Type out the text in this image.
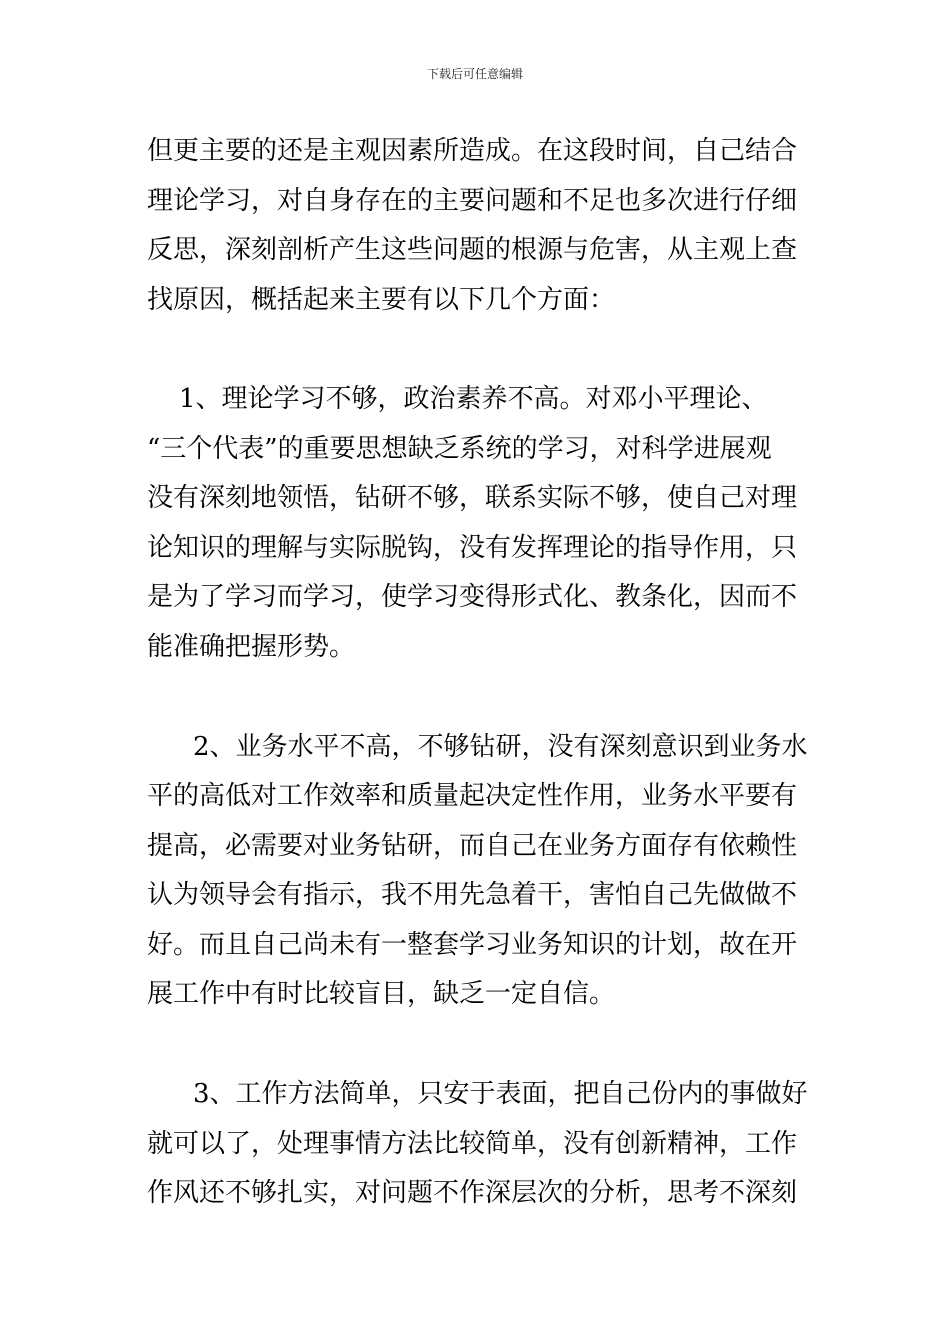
下载后可任意编辑
但更主要的还是主观因素所造成。在这段时间，自己结合
理论学习，对自身存在的主要问题和不足也多次进行仔细
反思，深刻剖析产生这些问题的根源与危害，从主观上查
找原因，概括起来主要有以下几个方面：
1、理论学习不够，政治素养不高。对邓小平理论、
“三个代表”的重要思想缺乏系统的学习，对科学进展观
没有深刻地领悟，钻研不够，联系实际不够，使自己对理
论知识的理解与实际脱钩，没有发挥理论的指导作用，只
是为了学习而学习，使学习变得形式化、教条化，因而不
能准确把握形势。
2、业务水平不高，不够钻研，没有深刻意识到业务水
平的高低对工作效率和质量起决定性作用，业务水平要有
提高，必需要对业务钻研，而自己在业务方面存有依赖性
认为领导会有指示，我不用先急着干，害怕自己先做做不
好。而且自己尚未有一整套学习业务知识的计划，故在开
展工作中有时比较盲目，缺乏一定自信。
3、工作方法简单，只安于表面，把自己份内的事做好
就可以了，处理事情方法比较简单，没有创新精神，工作
作风还不够扎实，对问题不作深层次的分析，思考不深刻
